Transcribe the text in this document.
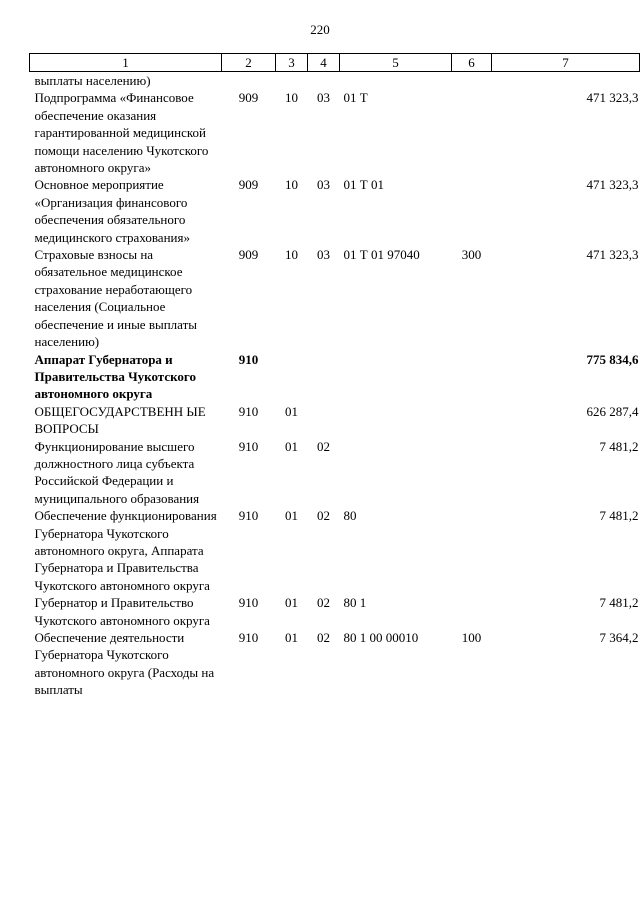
220
1	2	3	4	5	6	7
выплаты населению)						
Подпрограмма «Финансовое обеспечение оказания гарантированной медицинской помощи населению Чукотского автономного округа»	909	10	03	01 Т		471 323,3
Основное мероприятие «Организация финансового обеспечения обязательного медицинского страхования»	909	10	03	01 Т 01		471 323,3
Страховые взносы на обязательное медицинское страхование неработающего населения (Социальное обеспечение и иные выплаты населению)	909	10	03	01 Т 01 97040	300	471 323,3
Аппарат Губернатора и Правительства Чукотского автономного округа	910					775 834,6
ОБЩЕГОСУДАРСТВЕНН ЫЕ ВОПРОСЫ	910	01				626 287,4
Функционирование высшего должностного лица субъекта Российской Федерации и муниципального образования	910	01	02			7 481,2
Обеспечение функционирования Губернатора Чукотского автономного округа, Аппарата Губернатора и Правительства Чукотского автономного округа	910	01	02	80		7 481,2
Губернатор и Правительство Чукотского автономного округа	910	01	02	80 1		7 481,2
Обеспечение деятельности Губернатора Чукотского автономного округа (Расходы на выплаты	910	01	02	80 1 00 00010	100	7 364,2
